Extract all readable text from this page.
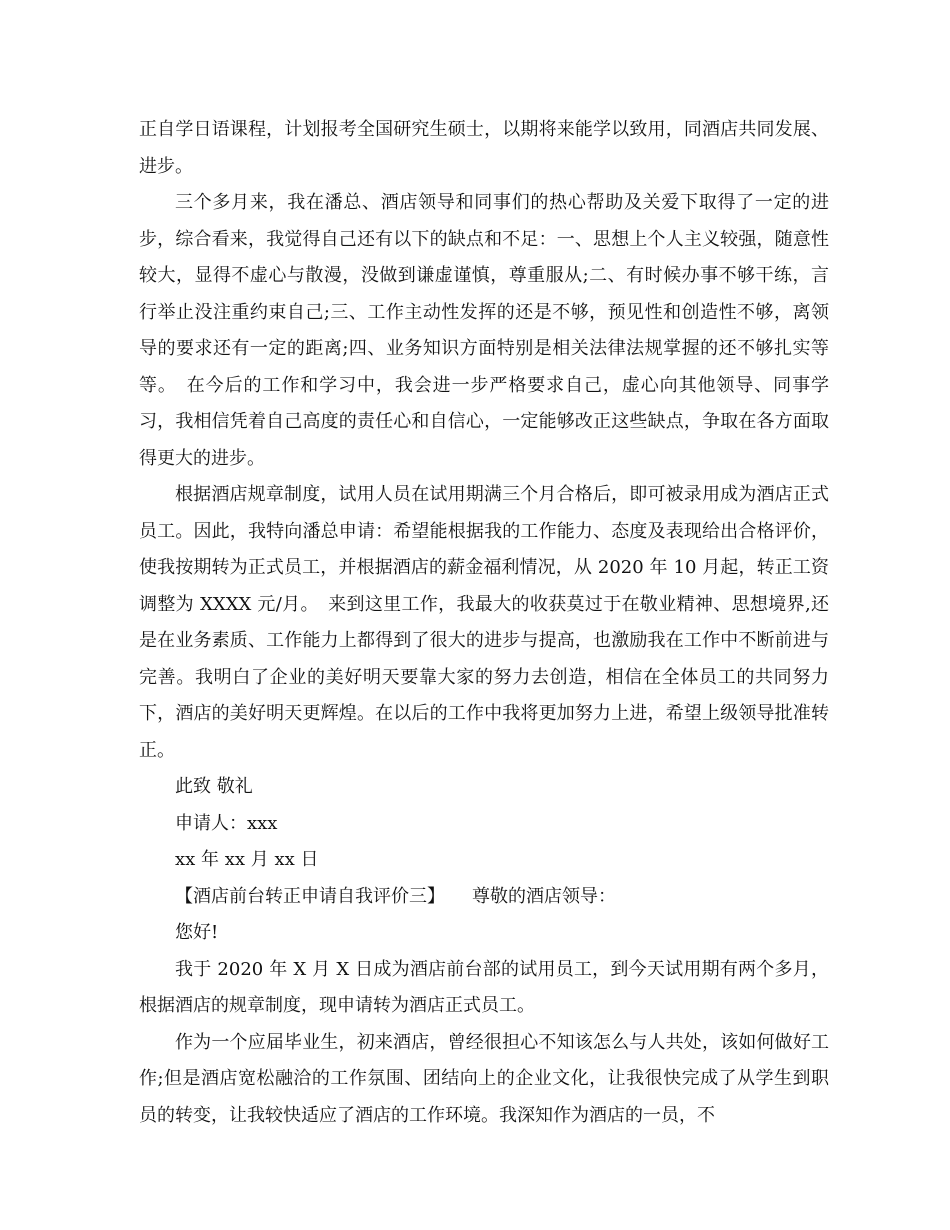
正自学日语课程，计划报考全国研究生硕士，以期将来能学以致用，同酒店共同发展、进步。

三个多月来，我在潘总、酒店领导和同事们的热心帮助及关爱下取得了一定的进步，综合看来，我觉得自己还有以下的缺点和不足：一、思想上个人主义较强，随意性较大，显得不虚心与散漫，没做到谦虚谨慎，尊重服从;二、有时候办事不够干练，言行举止没注重约束自己;三、工作主动性发挥的还是不够，预见性和创造性不够，离领导的要求还有一定的距离;四、业务知识方面特别是相关法律法规掌握的还不够扎实等等。　在今后的工作和学习中，我会进一步严格要求自己，虚心向其他领导、同事学习，我相信凭着自己高度的责任心和自信心，一定能够改正这些缺点，争取在各方面取得更大的进步。

根据酒店规章制度，试用人员在试用期满三个月合格后，即可被录用成为酒店正式员工。因此，我特向潘总申请：希望能根据我的工作能力、态度及表现给出合格评价，使我按期转为正式员工，并根据酒店的薪金福利情况，从 2020 年 10 月起，转正工资调整为 XXXX 元/月。　来到这里工作，我最大的收获莫过于在敬业精神、思想境界,还是在业务素质、工作能力上都得到了很大的进步与提高，也激励我在工作中不断前进与完善。我明白了企业的美好明天要靠大家的努力去创造，相信在全体员工的共同努力下，酒店的美好明天更辉煌。在以后的工作中我将更加努力上进，希望上级领导批准转正。

此致 敬礼

申请人：xxx

xx 年 xx 月 xx 日

【酒店前台转正申请自我评价三】　　尊敬的酒店领导：

您好!

我于 2020 年 X 月 X 日成为酒店前台部的试用员工，到今天试用期有两个多月，根据酒店的规章制度，现申请转为酒店正式员工。

作为一个应届毕业生，初来酒店，曾经很担心不知该怎么与人共处，该如何做好工作;但是酒店宽松融洽的工作氛围、团结向上的企业文化，让我很快完成了从学生到职员的转变，让我较快适应了酒店的工作环境。我深知作为酒店的一员，不
